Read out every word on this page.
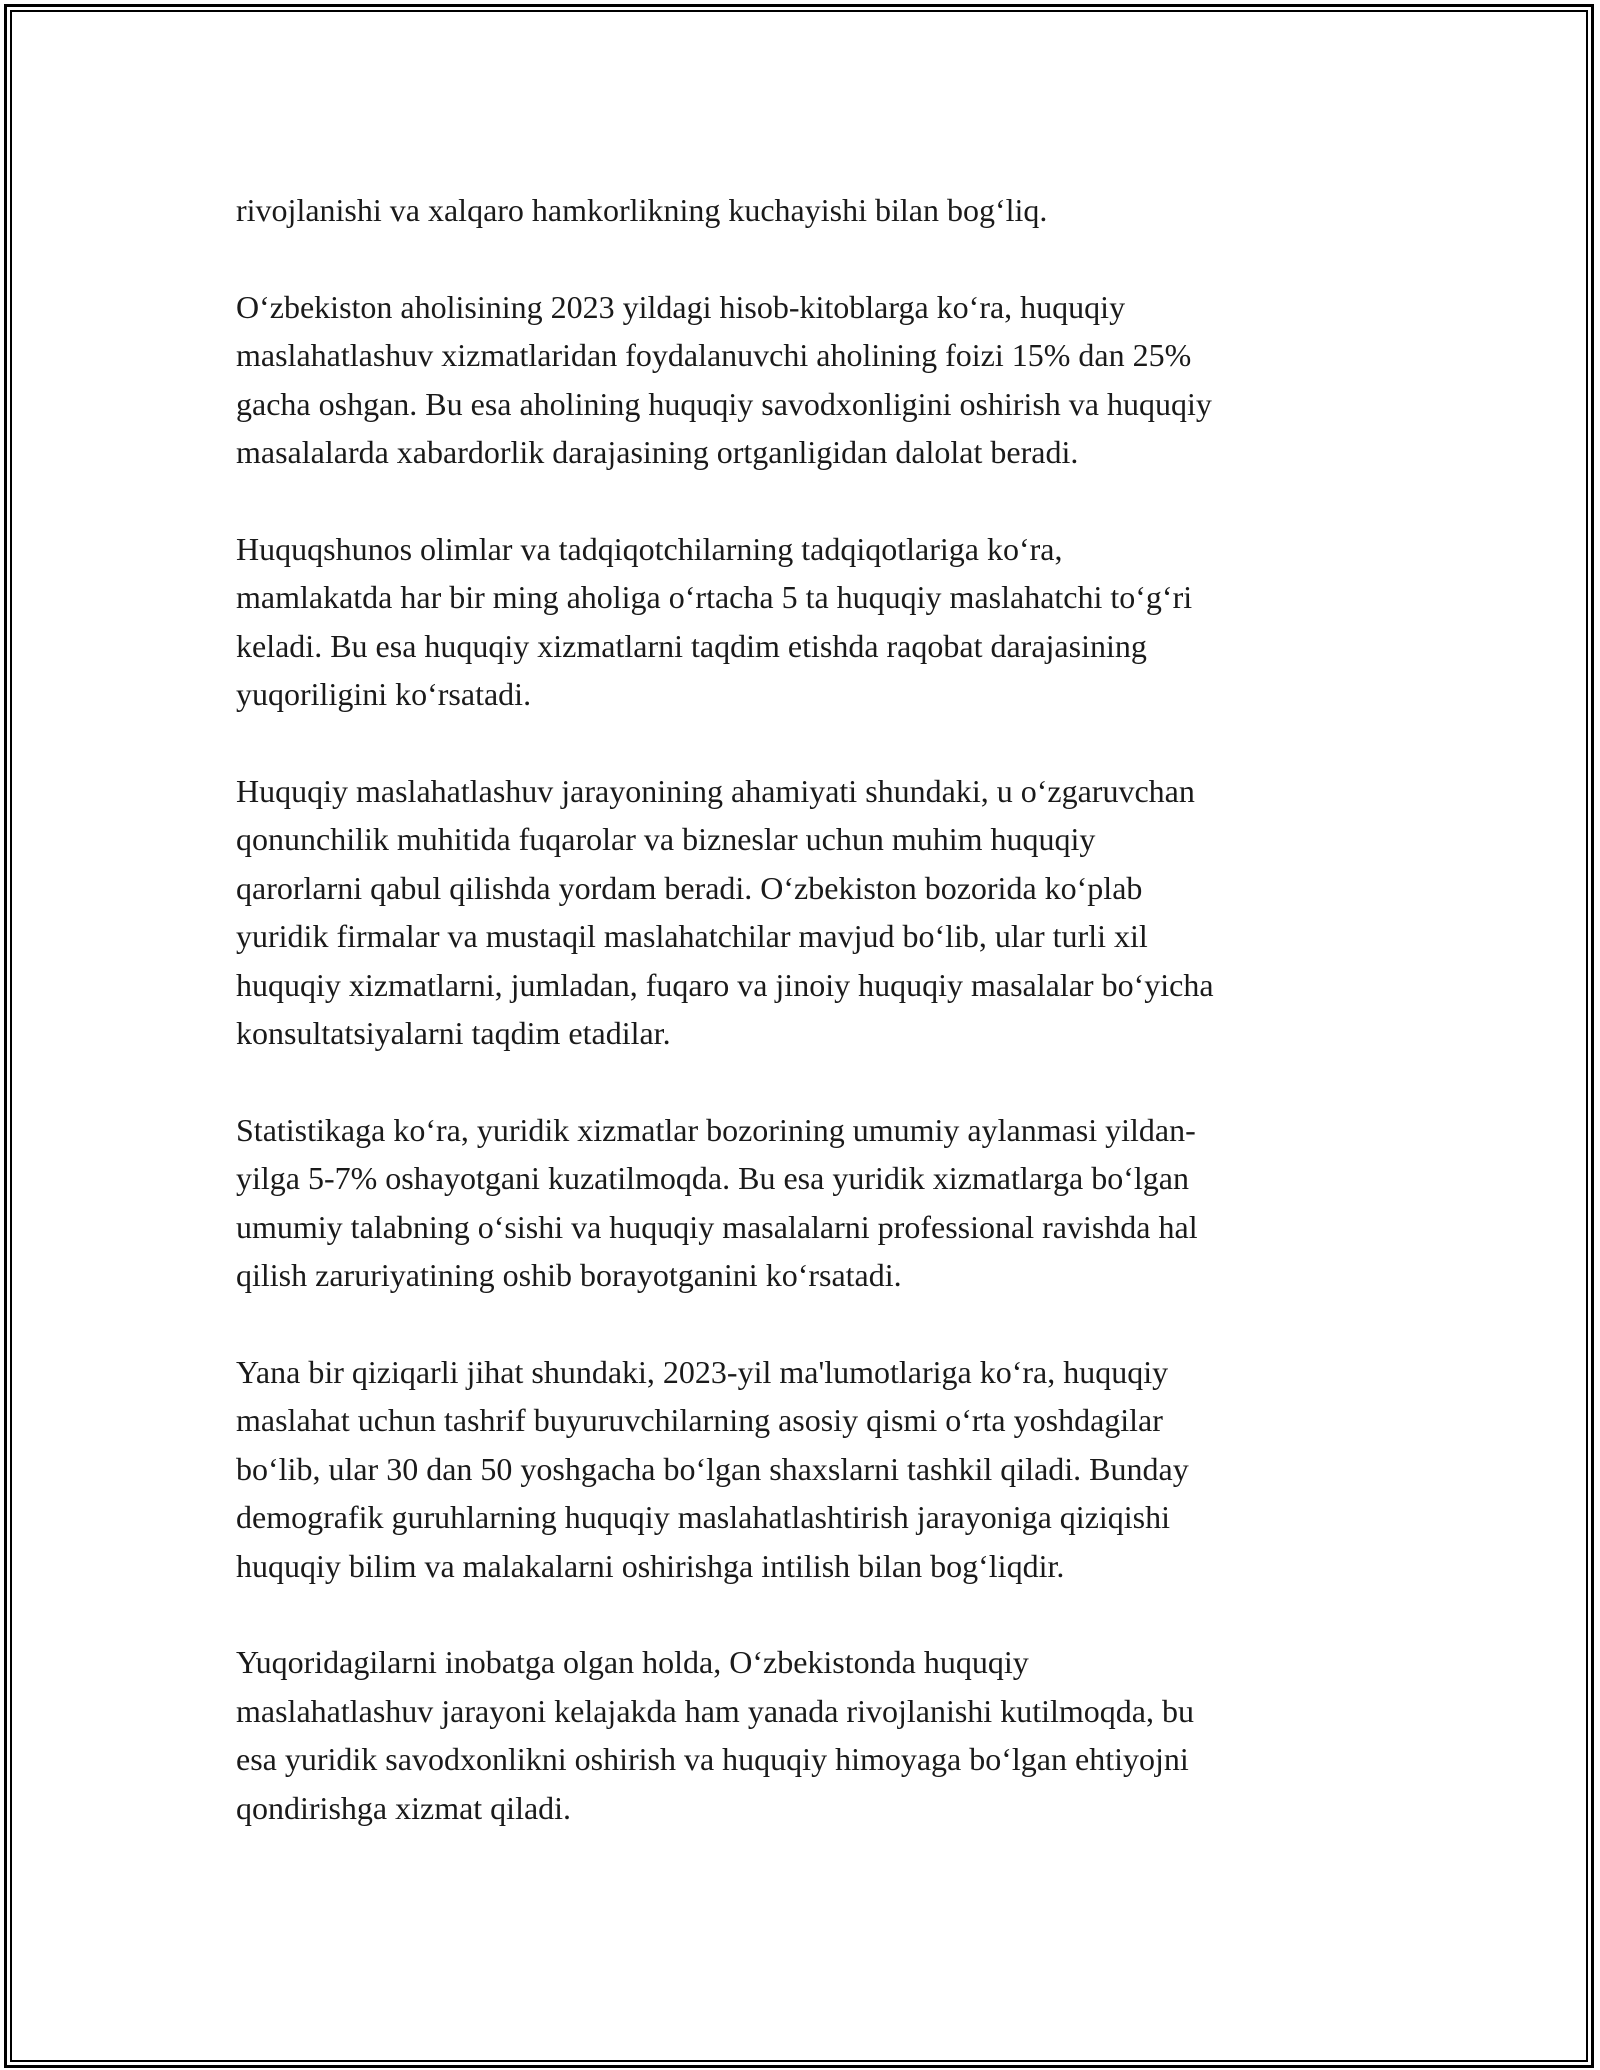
rivojlanishi va xalqaro hamkorlikning kuchayishi bilan bog‘liq.

O‘zbekiston aholisining 2023 yildagi hisob-kitoblarga ko‘ra, huquqiy
maslahatlashuv xizmatlaridan foydalanuvchi aholining foizi 15% dan 25%
gacha oshgan. Bu esa aholining huquqiy savodxonligini oshirish va huquqiy
masalalarda xabardorlik darajasining ortganligidan dalolat beradi.

Huquqshunos olimlar va tadqiqotchilarning tadqiqotlariga ko‘ra,
mamlakatda har bir ming aholiga o‘rtacha 5 ta huquqiy maslahatchi to‘g‘ri
keladi. Bu esa huquqiy xizmatlarni taqdim etishda raqobat darajasining
yuqoriligini ko‘rsatadi.

Huquqiy maslahatlashuv jarayonining ahamiyati shundaki, u o‘zgaruvchan
qonunchilik muhitida fuqarolar va bizneslar uchun muhim huquqiy
qarorlarni qabul qilishda yordam beradi. O‘zbekiston bozorida ko‘plab
yuridik firmalar va mustaqil maslahatchilar mavjud bo‘lib, ular turli xil
huquqiy xizmatlarni, jumladan, fuqaro va jinoiy huquqiy masalalar bo‘yicha
konsultatsiyalarni taqdim etadilar.

Statistikaga ko‘ra, yuridik xizmatlar bozorining umumiy aylanmasi yildan-
yilga 5-7% oshayotgani kuzatilmoqda. Bu esa yuridik xizmatlarga bo‘lgan
umumiy talabning o‘sishi va huquqiy masalalarni professional ravishda hal
qilish zaruriyatining oshib borayotganini ko‘rsatadi.

Yana bir qiziqarli jihat shundaki, 2023-yil ma'lumotlariga ko‘ra, huquqiy
maslahat uchun tashrif buyuruvchilarning asosiy qismi o‘rta yoshdagilar
bo‘lib, ular 30 dan 50 yoshgacha bo‘lgan shaxslarni tashkil qiladi. Bunday
demografik guruhlarning huquqiy maslahatlashtirish jarayoniga qiziqishi
huquqiy bilim va malakalarni oshirishga intilish bilan bog‘liqdir.

Yuqoridagilarni inobatga olgan holda, O‘zbekistonda huquqiy
maslahatlashuv jarayoni kelajakda ham yanada rivojlanishi kutilmoqda, bu
esa yuridik savodxonlikni oshirish va huquqiy himoyaga bo‘lgan ehtiyojni
qondirishga xizmat qiladi.
